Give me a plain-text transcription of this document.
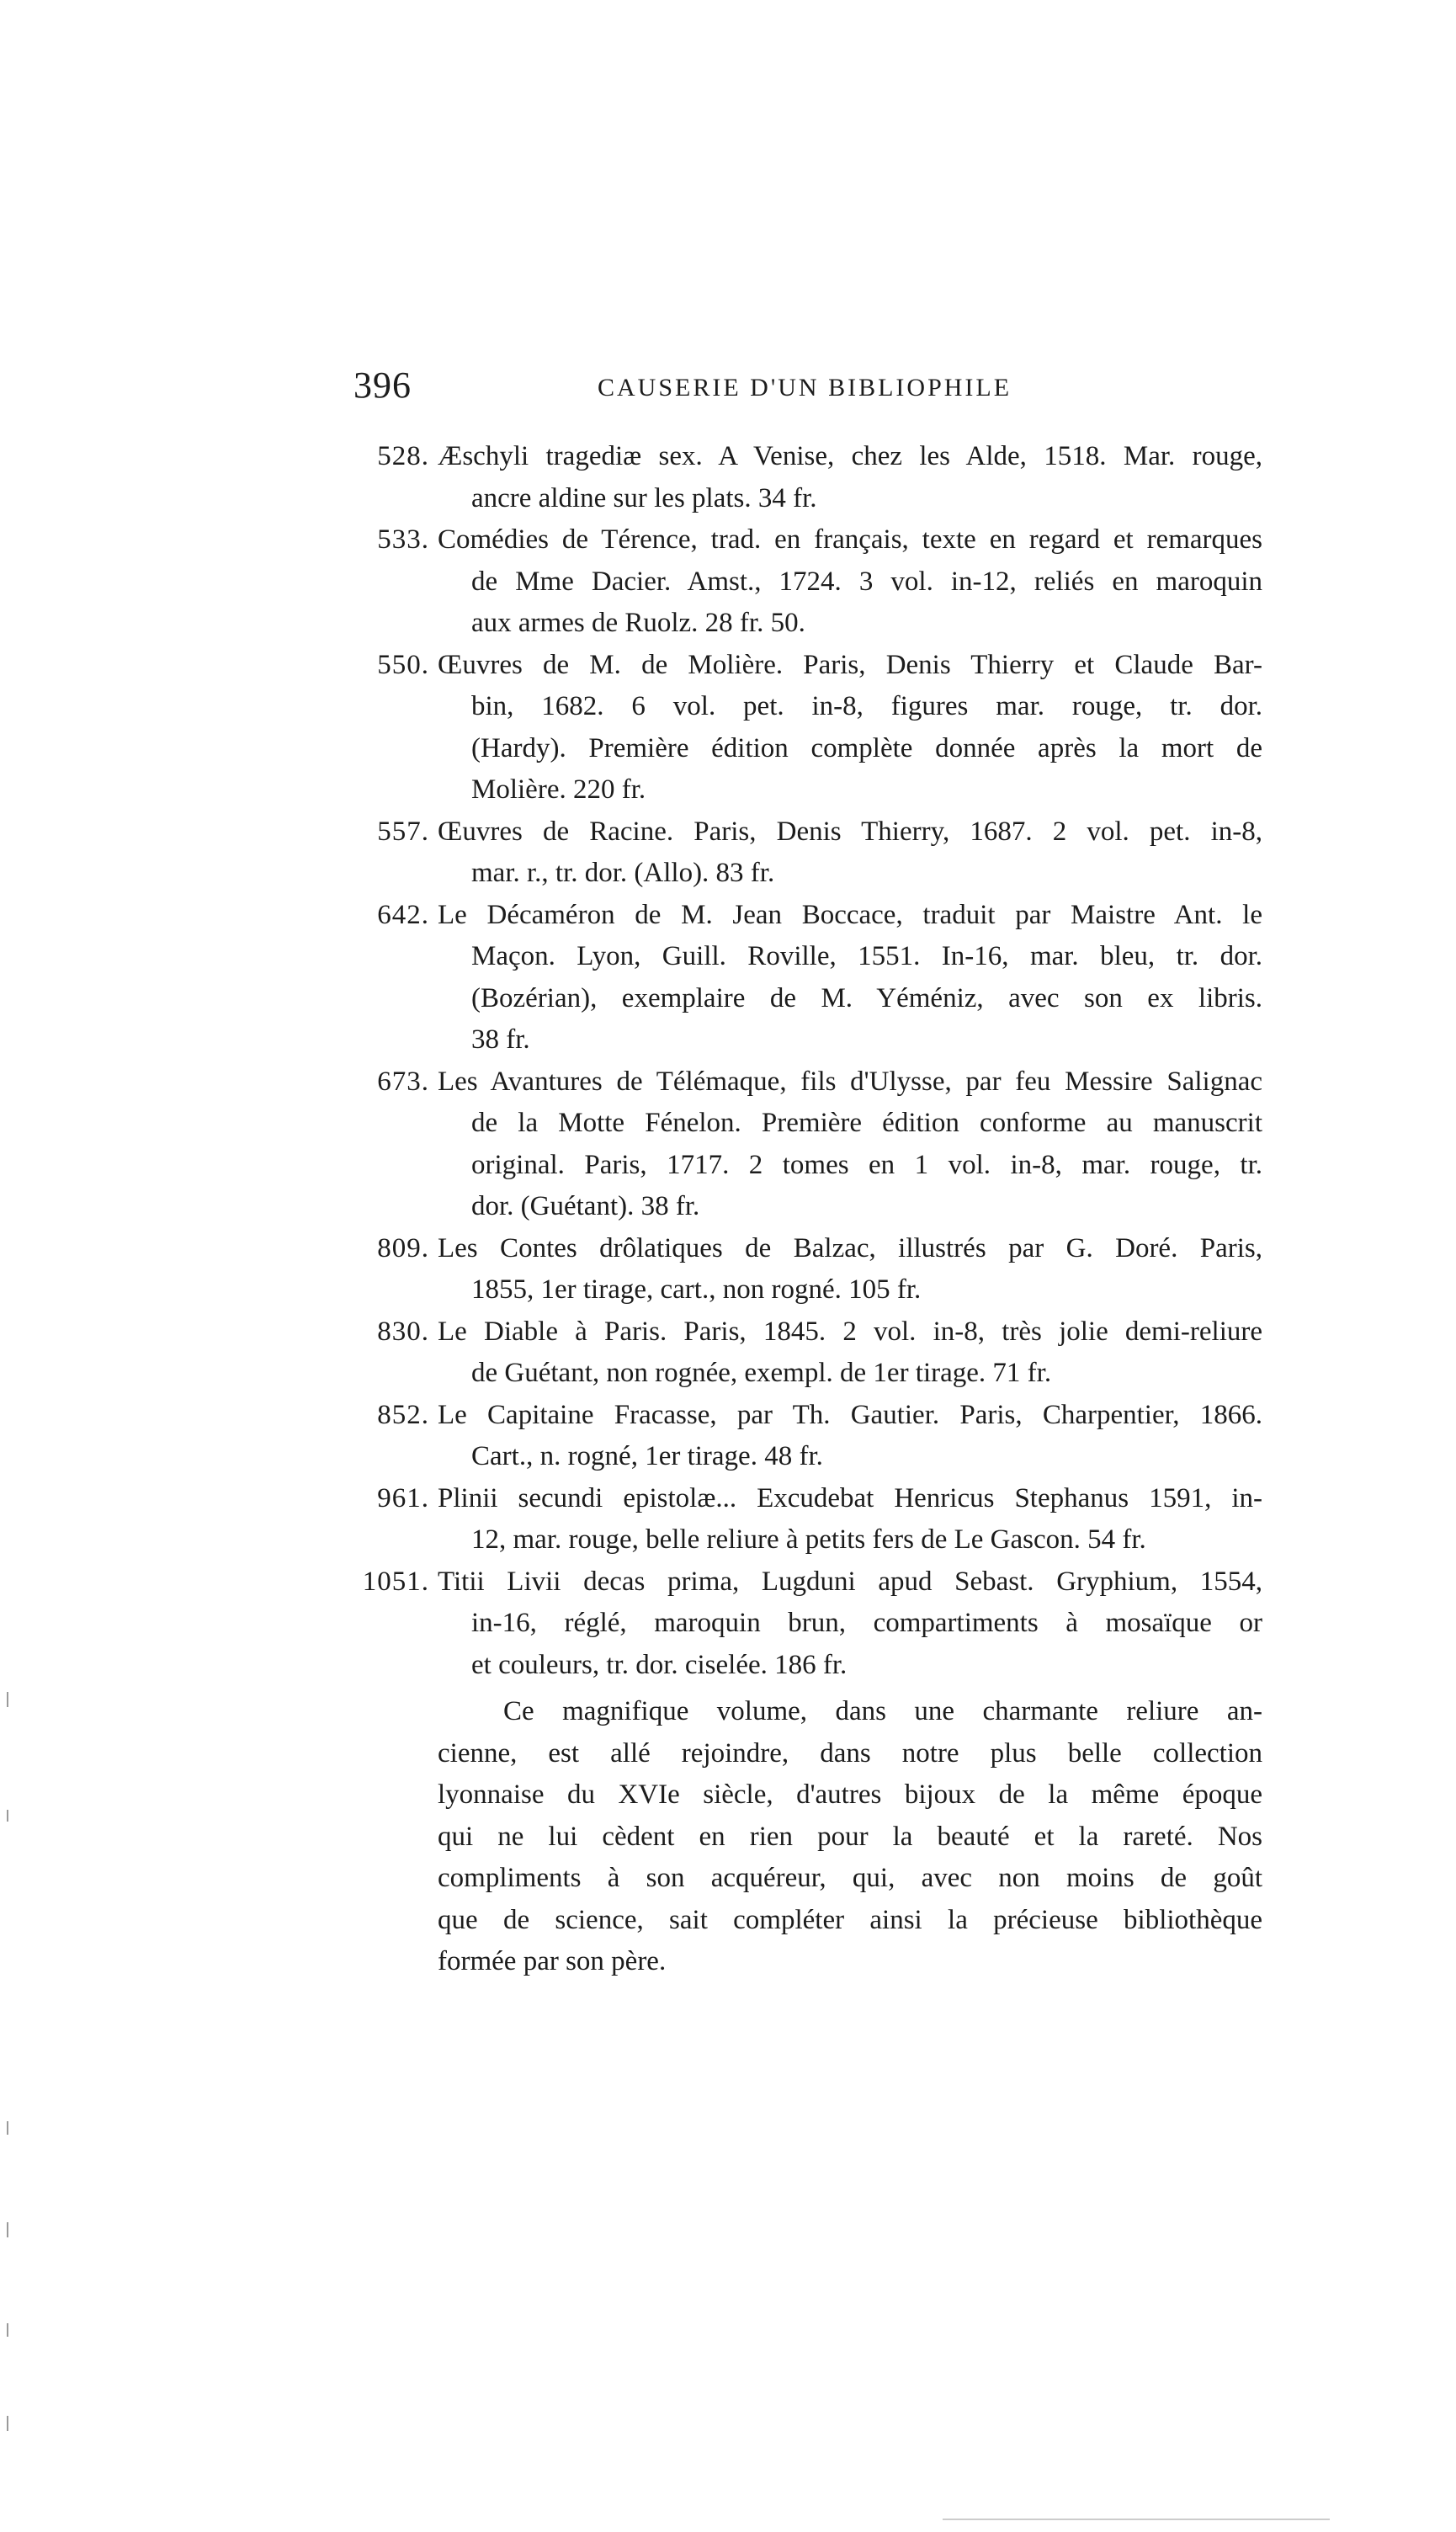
396	CAUSERIE D'UN BIBLIOPHILE
528. Æschyli tragediæ sex. A Venise, chez les Alde, 1518. Mar. rouge,
ancre aldine sur les plats. 34 fr.
533. Comédies de Térence, trad. en français, texte en regard et remarques
de Mme Dacier. Amst., 1724. 3 vol. in-12, reliés en maroquin
aux armes de Ruolz. 28 fr. 50.
550. Œuvres de M. de Molière. Paris, Denis Thierry et Claude Bar-
bin, 1682. 6 vol. pet. in-8, figures mar. rouge, tr. dor.
(Hardy). Première édition complète donnée après la mort de
Molière. 220 fr.
557. Œuvres de Racine. Paris, Denis Thierry, 1687. 2 vol. pet. in-8,
mar. r., tr. dor. (Allo). 83 fr.
642. Le Décaméron de M. Jean Boccace, traduit par Maistre Ant. le
Maçon. Lyon, Guill. Roville, 1551. In-16, mar. bleu, tr. dor.
(Bozérian), exemplaire de M. Yéméniz, avec son ex libris.
38 fr.
673. Les Avantures de Télémaque, fils d'Ulysse, par feu Messire Salignac
de la Motte Fénelon. Première édition conforme au manuscrit
original. Paris, 1717. 2 tomes en 1 vol. in-8, mar. rouge, tr.
dor. (Guétant). 38 fr.
809. Les Contes drôlatiques de Balzac, illustrés par G. Doré. Paris,
1855, 1er tirage, cart., non rogné. 105 fr.
830. Le Diable à Paris. Paris, 1845. 2 vol. in-8, très jolie demi-reliure
de Guétant, non rognée, exempl. de 1er tirage. 71 fr.
852. Le Capitaine Fracasse, par Th. Gautier. Paris, Charpentier, 1866.
Cart., n. rogné, 1er tirage. 48 fr.
961. Plinii secundi epistolæ... Excudebat Henricus Stephanus 1591, in-
12, mar. rouge, belle reliure à petits fers de Le Gascon. 54 fr.
1051. Titii Livii decas prima, Lugduni apud Sebast. Gryphium, 1554,
in-16, réglé, maroquin brun, compartiments à mosaïque or
et couleurs, tr. dor. ciselée. 186 fr.
Ce magnifique volume, dans une charmante reliure an-
cienne, est allé rejoindre, dans notre plus belle collection
lyonnaise du XVIe siècle, d'autres bijoux de la même époque
qui ne lui cèdent en rien pour la beauté et la rareté. Nos
compliments à son acquéreur, qui, avec non moins de goût
que de science, sait compléter ainsi la précieuse bibliothèque
formée par son père.
